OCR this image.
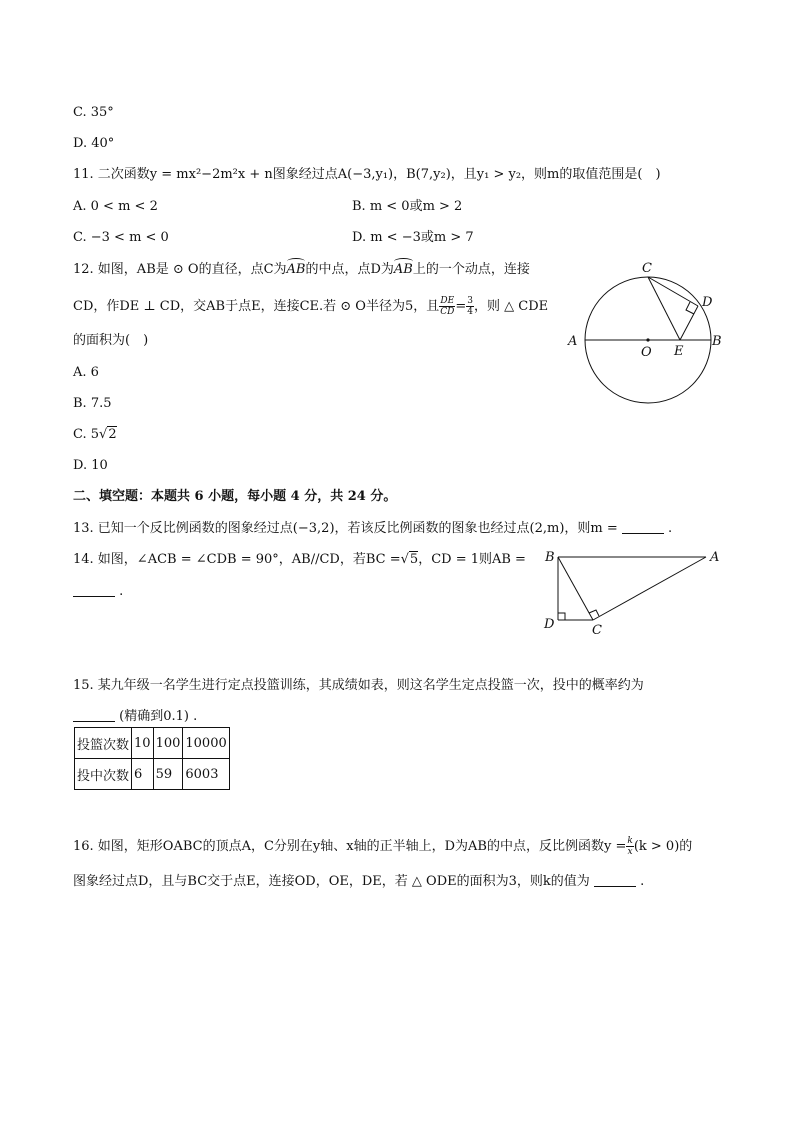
C. 35°
D. 40°
11. 二次函数y = mx²−2m²x + n图象经过点A(−3,y₁)，B(7,y₂)，且y₁ > y₂，则m的取值范围是(　)
A. 0 < m < 2	B. m < 0或m > 2
C. −3 < m < 0	D. m < −3或m > 7
12. 如图，AB是 ⊙ O的直径，点C为AB的中点，点D为AB上的一个动点，连接
CD，作DE ⊥ CD，交AB于点E，连接CE.若 ⊙ O半径为5，且 $\frac{DE}{CD} = \frac{3}{4}$ ，则 △ CDE
的面积为(　)
A. 6
B. 7.5
C. 5√2
D. 10
C
D
A	B
O E
二、填空题：本题共 6 小题，每小题 4 分，共 24 分。
13. 已知一个反比例函数的图象经过点(−3,2)，若该反比例函数的图象也经过点(2,m)，则m =	.
14. 如图，∠ACB = ∠CDB = 90°，AB//CD，若BC =√5，CD = 1则AB =
.
B	A
D	C
15. 某九年级一名学生进行定点投篮训练，其成绩如表，则这名学生定点投篮一次，投中的概率约为
(精确到0.1) .
投篮次数	10	100	10000
投中次数	6	59	6003
16. 如图，矩形OABC的顶点A，C分别在y轴、x轴的正半轴上，D为AB的中点，反比例函数$y = \frac{k}{x} (k > 0)$的
图象经过点D，且与BC交于点E，连接OD，OE，DE，若 △ ODE的面积为3，则k的值为	.
